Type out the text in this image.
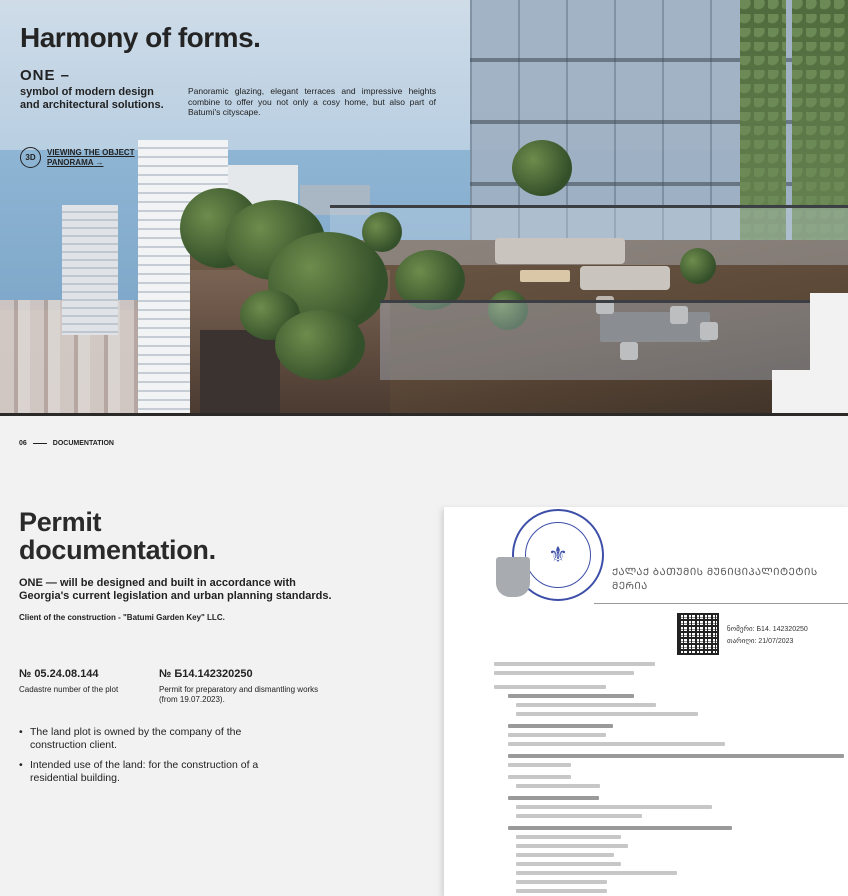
Harmony of forms.
ONE –
symbol of modern design and architectural solutions.

Panoramic glazing, elegant terraces and impressive heights combine to offer you not only a cosy home, but also part of Batumi's cityscape.

3D
VIEWING THE OBJECT
PANORAMA →
06	DOCUMENTATION
Permit
documentation.

ONE — will be designed and built in accordance with Georgia's current legislation and urban planning standards.

Client of the construction - "Batumi Garden Key" LLC.

№ 05.24.08.144
Cadastre number of the plot
№ Б14.142320250
Permit for preparatory and dismantling works (from 19.07.2023).
• The land plot is owned by the company of the construction client.
• Intended use of the land: for the construction of a residential building.
⚜
ᲥᲐᲚᲐᲥ ᲑᲐᲗᲣᲛᲘᲡ ᲛᲣᲜᲘᲪᲘᲞᲐᲚᲘᲢᲔᲢᲘᲡ ᲛᲔᲠᲘᲐ
ნომერი: Б14. 142320250
თარიღი: 21/07/2023
